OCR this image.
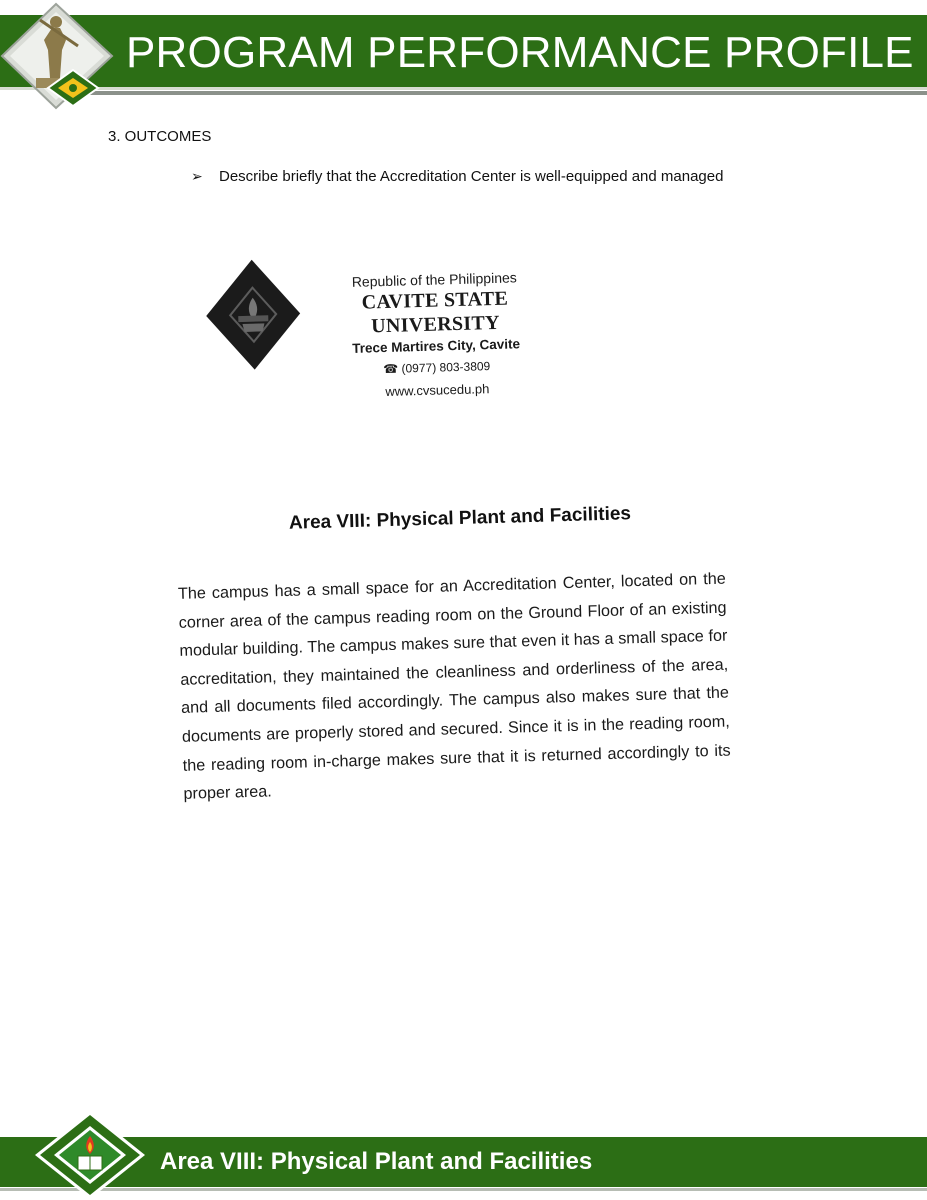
PROGRAM PERFORMANCE PROFILE
3. OUTCOMES
➢	Describe briefly that the Accreditation Center is well-equipped and managed
Republic of the Philippines
CAVITE STATE UNIVERSITY
Trece Martires City, Cavite
☎ (0977) 803-3809
www.cvsucedu.ph
Area VIII: Physical Plant and Facilities
The campus has a small space for an Accreditation Center, located on the corner area of the campus reading room on the Ground Floor of an existing modular building. The campus makes sure that even it has a small space for accreditation, they maintained the cleanliness and orderliness of the area, and all documents filed accordingly. The campus also makes sure that the documents are properly stored and secured. Since it is in the reading room, the reading room in-charge makes sure that it is returned accordingly to its proper area.
Area VIII: Physical Plant and Facilities
